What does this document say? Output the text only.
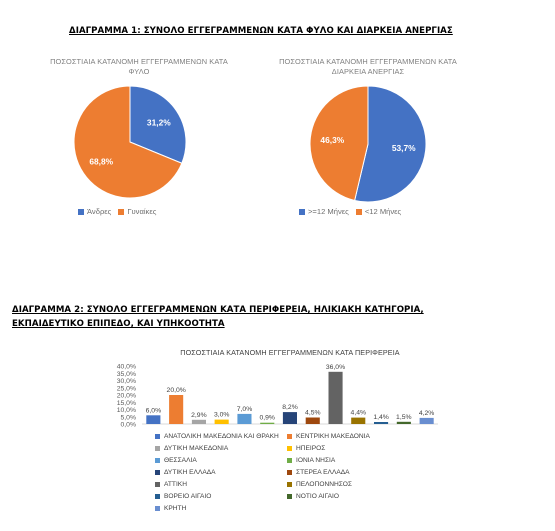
ΔΙΑΓΡΑΜΜΑ 1: ΣΥΝΟΛΟ ΕΓΓΕΓΡΑΜΜΕΝΩΝ ΚΑΤΑ ΦΥΛΟ ΚΑΙ ΔΙΑΡΚΕΙΑ ΑΝΕΡΓΙΑΣ
ΔΙΑΓΡΑΜΜΑ 2: ΣΥΝΟΛΟ ΕΓΓΕΓΡΑΜΜΕΝΩΝ ΚΑΤΑ ΠΕΡΙΦΕΡΕΙΑ, ΗΛΙΚΙΑΚΗ ΚΑΤΗΓΟΡΙΑ,
ΕΚΠΑΙΔΕΥΤΙΚΟ ΕΠΙΠΕΔΟ, ΚΑΙ ΥΠΗΚΟΟΤΗΤΑ
ΠΟΣΟΣΤΙΑΙΑ ΚΑΤΑΝΟΜΗ ΕΓΓΕΓΡΑΜΜΕΝΩΝ ΚΑΤΑ
ΦΥΛΟ
31,2%
68,8%
Άνδρες Γυναίκες
ΠΟΣΟΣΤΙΑΙΑ ΚΑΤΑΝΟΜΗ ΕΓΓΕΓΡΑΜΜΕΝΩΝ ΚΑΤΑ
ΔΙΑΡΚΕΙΑ ΑΝΕΡΓΙΑΣ
53,7%
46,3%
>=12 Μήνες <12 Μήνες
ΠΟΣΟΣΤΙΑΙΑ ΚΑΤΑΝΟΜΗ ΕΓΓΕΓΡΑΜΜΕΝΩΝ ΚΑΤΑ ΠΕΡΙΦΕΡΕΙΑ
0,0%
5,0%
10,0%
15,0%
20,0%
25,0%
30,0%
35,0%
40,0%
6,0%
20,0%
2,9% 3,0%
7,0%
0,9%
8,2%
4,5%
36,0%
4,4%
1,4% 1,5%
4,2%
ΑΝΑΤΟΛΙΚΗ ΜΑΚΕΔΟΝΙΑ ΚΑΙ ΘΡΑΚΗ	ΚΕΝΤΡΙΚΗ ΜΑΚΕΔΟΝΙΑ
ΔΥΤΙΚΗ ΜΑΚΕΔΟΝΙΑ	ΗΠΕΙΡΟΣ
ΘΕΣΣΑΛΙΑ	ΙΟΝΙΑ ΝΗΣΙΑ
ΔΥΤΙΚΗ ΕΛΛΑΔΑ	ΣΤΕΡΕΑ ΕΛΛΑΔΑ
ΑΤΤΙΚΗ	ΠΕΛΟΠΟΝΝΗΣΟΣ
ΒΟΡΕΙΟ ΑΙΓΑΙΟ	ΝΟΤΙΟ ΑΙΓΑΙΟ
ΚΡΗΤΗ
